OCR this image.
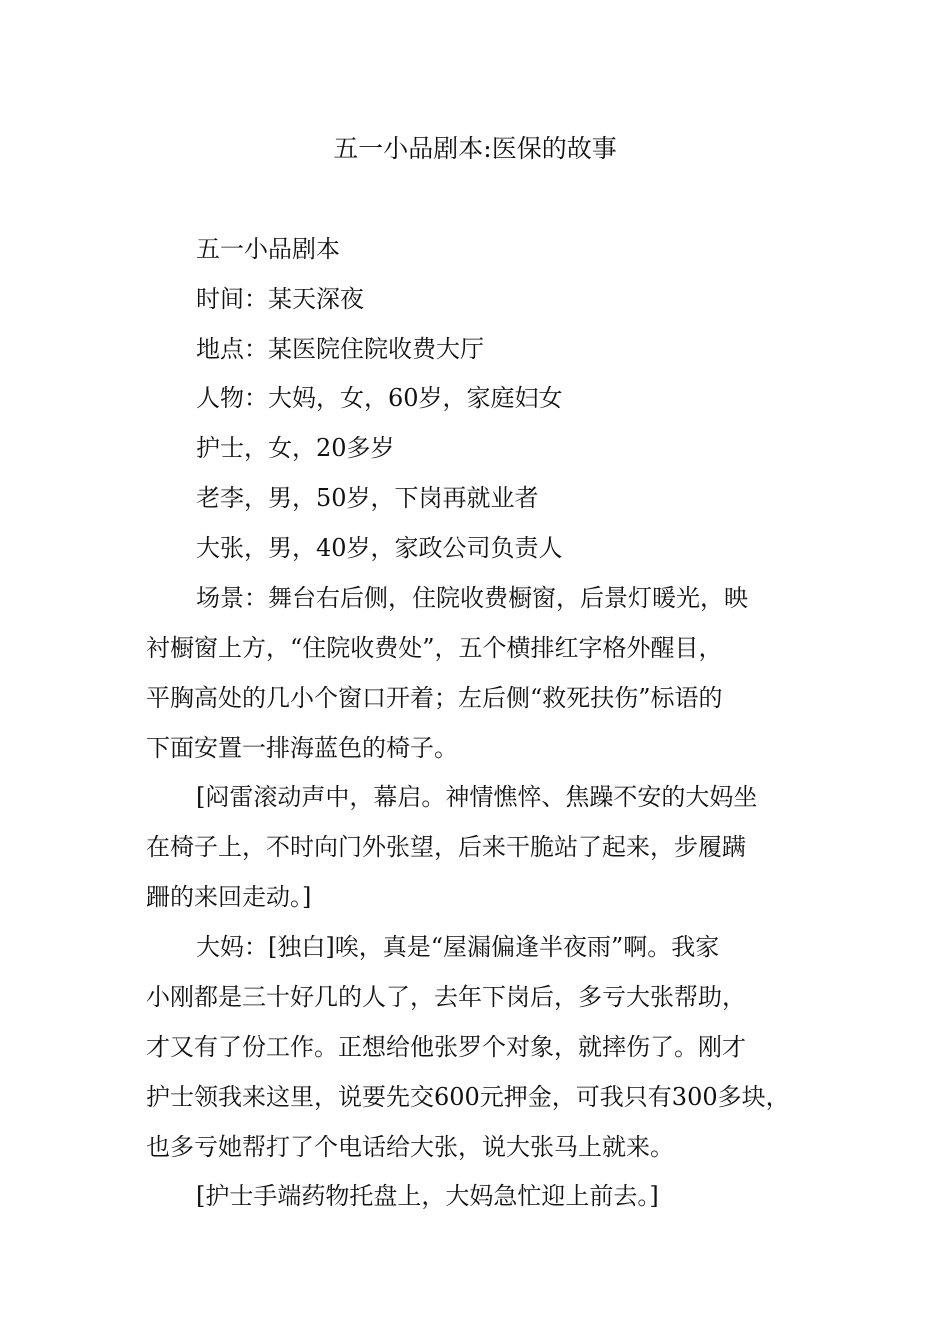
五一小品剧本:医保的故事
五一小品剧本
时间：某天深夜
地点：某医院住院收费大厅
人物：大妈，女，60岁，家庭妇女
护士，女，20多岁
老李，男，50岁，下岗再就业者
大张，男，40岁，家政公司负责人
场景：舞台右后侧，住院收费橱窗，后景灯暖光，映
衬橱窗上方，“住院收费处”，五个横排红字格外醒目，
平胸高处的几小个窗口开着；左后侧“救死扶伤”标语的
下面安置一排海蓝色的椅子。
[闷雷滚动声中，幕启。神情憔悴、焦躁不安的大妈坐
在椅子上，不时向门外张望，后来干脆站了起来，步履蹒
跚的来回走动。]
大妈：[独白]唉，真是“屋漏偏逢半夜雨”啊。我家
小刚都是三十好几的人了，去年下岗后，多亏大张帮助，
才又有了份工作。正想给他张罗个对象，就摔伤了。刚才
护士领我来这里，说要先交600元押金，可我只有300多块，
也多亏她帮打了个电话给大张，说大张马上就来。
[护士手端药物托盘上，大妈急忙迎上前去。]
